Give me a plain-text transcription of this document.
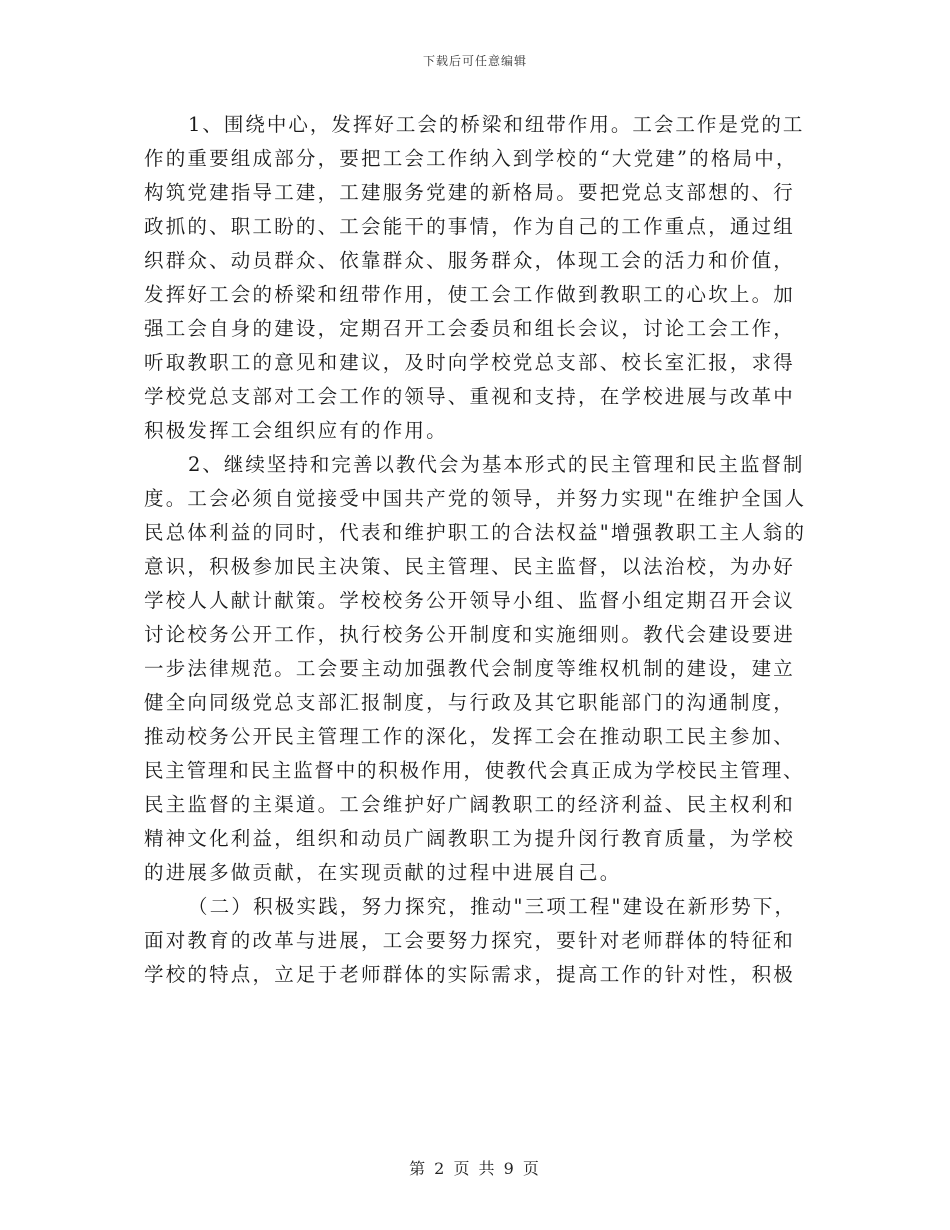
下载后可任意编辑
1、围绕中心，发挥好工会的桥梁和纽带作用。工会工作是党的工
作的重要组成部分，要把工会工作纳入到学校的“大党建”的格局中，
构筑党建指导工建，工建服务党建的新格局。要把党总支部想的、行
政抓的、职工盼的、工会能干的事情，作为自己的工作重点，通过组
织群众、动员群众、依靠群众、服务群众，体现工会的活力和价值，
发挥好工会的桥梁和纽带作用，使工会工作做到教职工的心坎上。加
强工会自身的建设，定期召开工会委员和组长会议，讨论工会工作，
听取教职工的意见和建议，及时向学校党总支部、校长室汇报，求得
学校党总支部对工会工作的领导、重视和支持，在学校进展与改革中
积极发挥工会组织应有的作用。
2、继续坚持和完善以教代会为基本形式的民主管理和民主监督制
度。工会必须自觉接受中国共产党的领导，并努力实现"在维护全国人
民总体利益的同时，代表和维护职工的合法权益"增强教职工主人翁的
意识，积极参加民主决策、民主管理、民主监督，以法治校，为办好
学校人人献计献策。学校校务公开领导小组、监督小组定期召开会议
讨论校务公开工作，执行校务公开制度和实施细则。教代会建设要进
一步法律规范。工会要主动加强教代会制度等维权机制的建设，建立
健全向同级党总支部汇报制度，与行政及其它职能部门的沟通制度，
推动校务公开民主管理工作的深化，发挥工会在推动职工民主参加、
民主管理和民主监督中的积极作用，使教代会真正成为学校民主管理、
民主监督的主渠道。工会维护好广阔教职工的经济利益、民主权利和
精神文化利益，组织和动员广阔教职工为提升闵行教育质量，为学校
的进展多做贡献，在实现贡献的过程中进展自己。
（二）积极实践，努力探究，推动"三项工程"建设在新形势下，
面对教育的改革与进展，工会要努力探究，要针对老师群体的特征和
学校的特点，立足于老师群体的实际需求，提高工作的针对性，积极
第 2 页 共 9 页
